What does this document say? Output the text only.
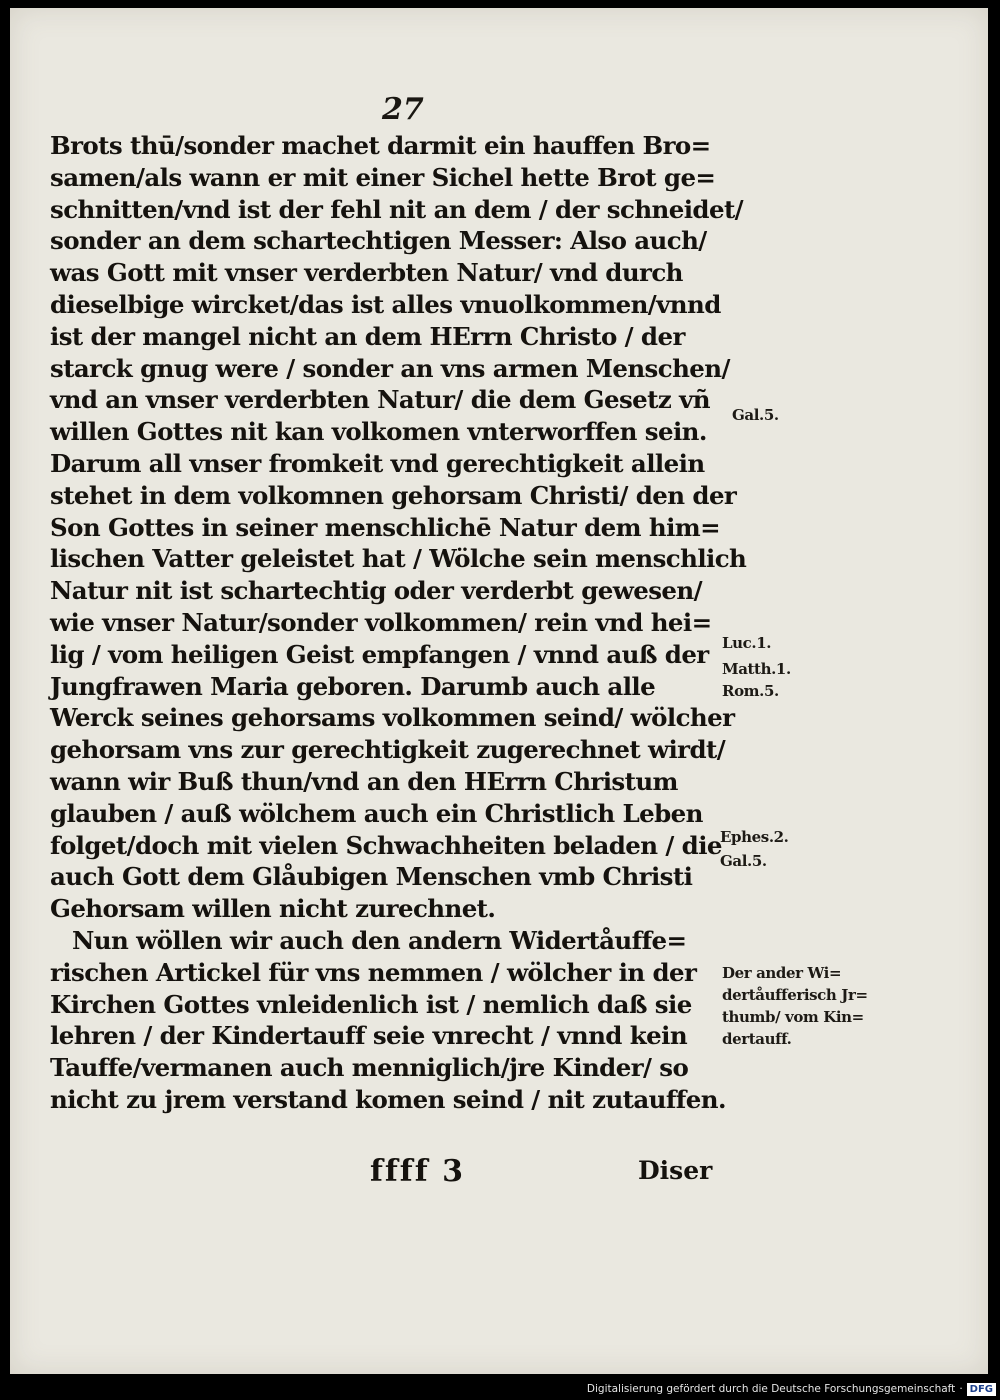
27
Brots thū/sonder machet darmit ein hauffen Bro=
samen/als wann er mit einer Sichel hette Brot ge=
schnitten/vnd ist der fehl nit an dem / der schneidet/
sonder an dem schartechtigen Messer: Also auch/
was Gott mit vnser verderbten Natur/ vnd durch
dieselbige wircket/das ist alles vnuolkommen/vnnd
ist der mangel nicht an dem HErrn Christo / der
starck gnug were / sonder an vns armen Menschen/
vnd an vnser verderbten Natur/ die dem Gesetz vñ
willen Gottes nit kan volkomen vnterworffen sein.
Darum all vnser fromkeit vnd gerechtigkeit allein
stehet in dem volkomnen gehorsam Christi/ den der
Son Gottes in seiner menschlichē Natur dem him=
lischen Vatter geleistet hat / Wölche sein menschlich
Natur nit ist schartechtig oder verderbt gewesen/
wie vnser Natur/sonder volkommen/ rein vnd hei=
lig / vom heiligen Geist empfangen / vnnd auß der
Jungfrawen Maria geboren. Darumb auch alle
Werck seines gehorsams volkommen seind/ wölcher
gehorsam vns zur gerechtigkeit zugerechnet wirdt/
wann wir Buß thun/vnd an den HErrn Christum
glauben / auß wölchem auch ein Christlich Leben
folget/doch mit vielen Schwachheiten beladen / die
auch Gott dem Glåubigen Menschen vmb Christi
Gehorsam willen nicht zurechnet.
Nun wöllen wir auch den andern Widertåuffe=
rischen Artickel für vns nemmen / wölcher in der
Kirchen Gottes vnleidenlich ist / nemlich daß sie
lehren / der Kindertauff seie vnrecht / vnnd kein
Tauffe/vermanen auch menniglich/jre Kinder/ so
nicht zu jrem verstand komen seind / nit zutauffen.
Gal.5.
Luc.1.
Matth.1.
Rom.5.
Ephes.2.
Gal.5.
Der ander Wi=
dertåufferisch Jr=
thumb/ vom Kin=
dertauff.
ffff 3	Diser
Digitalisierung gefördert durch die Deutsche Forschungsgemeinschaft · DFG
